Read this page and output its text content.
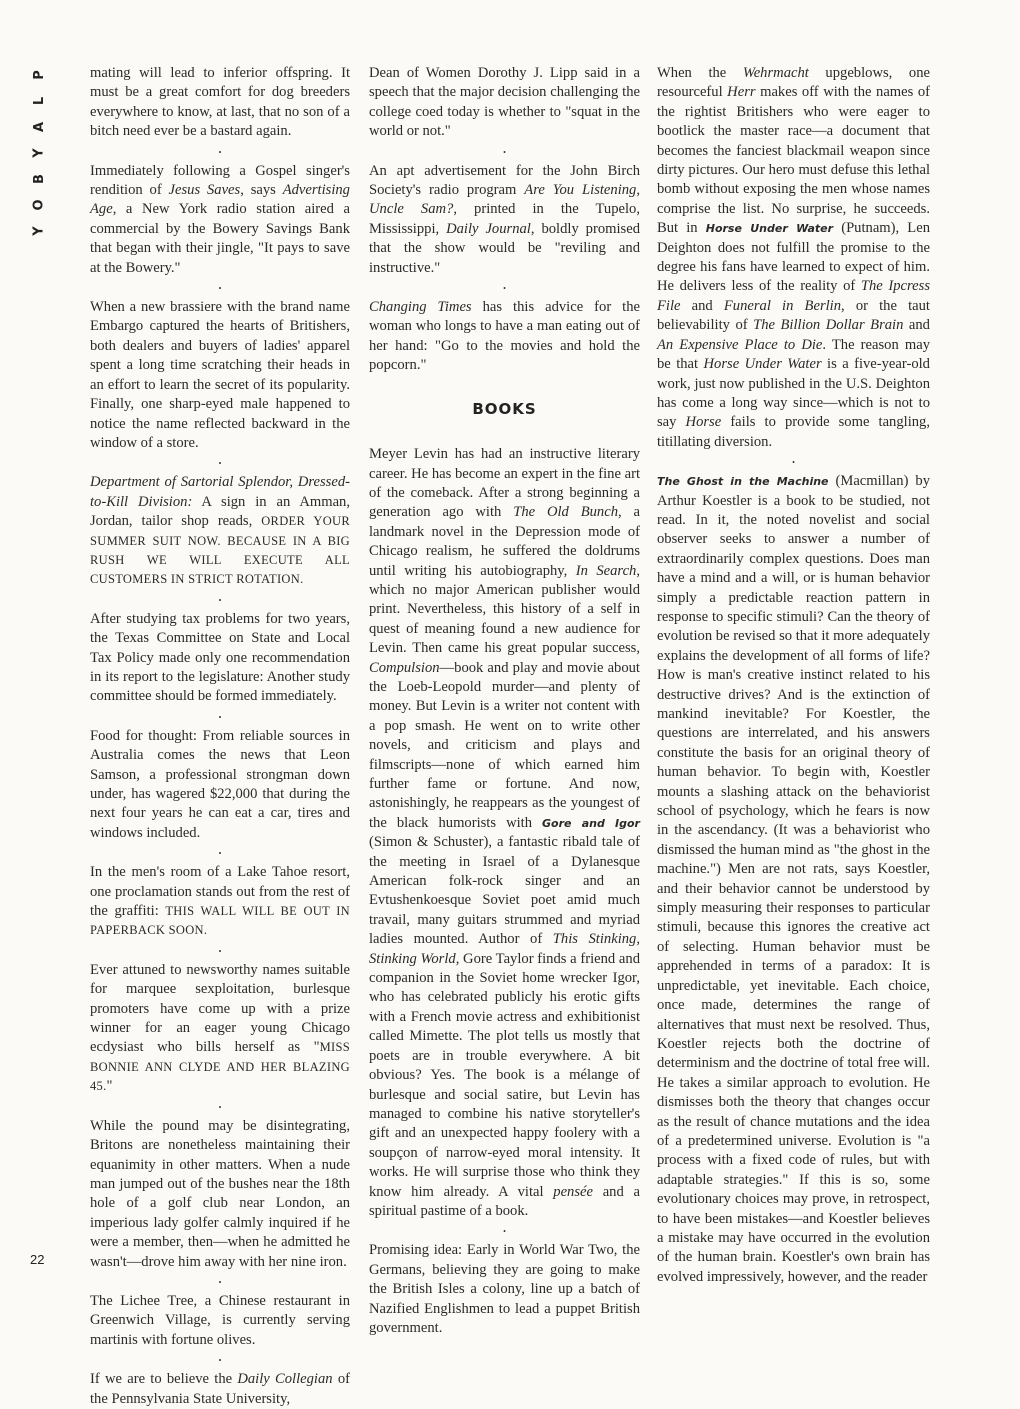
P
L
A
Y
B
O
Y
22

mating will lead to inferior offspring. It must be a great comfort for dog breeders everywhere to know, at last, that no son of a bitch need ever be a bastard again.

•

Immediately following a Gospel singer's rendition of Jesus Saves, says Advertising Age, a New York radio station aired a commercial by the Bowery Savings Bank that began with their jingle, "It pays to save at the Bowery."

•

When a new brassiere with the brand name Embargo captured the hearts of Britishers, both dealers and buyers of ladies' apparel spent a long time scratching their heads in an effort to learn the secret of its popularity. Finally, one sharp-eyed male happened to notice the name reflected backward in the window of a store.

•

Department of Sartorial Splendor, Dressed-to-Kill Division: A sign in an Amman, Jordan, tailor shop reads, ORDER YOUR SUMMER SUIT NOW. BECAUSE IN A BIG RUSH WE WILL EXECUTE ALL CUSTOMERS IN STRICT ROTATION.

•

After studying tax problems for two years, the Texas Committee on State and Local Tax Policy made only one recommendation in its report to the legislature: Another study committee should be formed immediately.

•

Food for thought: From reliable sources in Australia comes the news that Leon Samson, a professional strongman down under, has wagered $22,000 that during the next four years he can eat a car, tires and windows included.

•

In the men's room of a Lake Tahoe resort, one proclamation stands out from the rest of the graffiti: THIS WALL WILL BE OUT IN PAPERBACK SOON.

•

Ever attuned to newsworthy names suitable for marquee sexploitation, burlesque promoters have come up with a prize winner for an eager young Chicago ecdysiast who bills herself as "MISS BONNIE ANN CLYDE AND HER BLAZING 45."

•

While the pound may be disintegrating, Britons are nonetheless maintaining their equanimity in other matters. When a nude man jumped out of the bushes near the 18th hole of a golf club near London, an imperious lady golfer calmly inquired if he were a member, then—when he admitted he wasn't—drove him away with her nine iron.

•

The Lichee Tree, a Chinese restaurant in Greenwich Village, is currently serving martinis with fortune olives.

•

If we are to believe the Daily Collegian of the Pennsylvania State University,

Dean of Women Dorothy J. Lipp said in a speech that the major decision challenging the college coed today is whether to "squat in the world or not."

•

An apt advertisement for the John Birch Society's radio program Are You Listening, Uncle Sam?, printed in the Tupelo, Mississippi, Daily Journal, boldly promised that the show would be "reviling and instructive."

•

Changing Times has this advice for the woman who longs to have a man eating out of her hand: "Go to the movies and hold the popcorn."

BOOKS

Meyer Levin has had an instructive literary career. He has become an expert in the fine art of the comeback. After a strong beginning a generation ago with The Old Bunch, a landmark novel in the Depression mode of Chicago realism, he suffered the doldrums until writing his autobiography, In Search, which no major American publisher would print. Nevertheless, this history of a self in quest of meaning found a new audience for Levin. Then came his great popular success, Compulsion—book and play and movie about the Loeb-Leopold murder—and plenty of money. But Levin is a writer not content with a pop smash. He went on to write other novels, and criticism and plays and filmscripts—none of which earned him further fame or fortune. And now, astonishingly, he reappears as the youngest of the black humorists with Gore and Igor (Simon & Schuster), a fantastic ribald tale of the meeting in Israel of a Dylanesque American folk-rock singer and an Evtushenkoesque Soviet poet amid much travail, many guitars strummed and myriad ladies mounted. Author of This Stinking, Stinking World, Gore Taylor finds a friend and companion in the Soviet home wrecker Igor, who has celebrated publicly his erotic gifts with a French movie actress and exhibitionist called Mimette. The plot tells us mostly that poets are in trouble everywhere. A bit obvious? Yes. The book is a mélange of burlesque and social satire, but Levin has managed to combine his native storyteller's gift and an unexpected happy foolery with a soupçon of narrow-eyed moral intensity. It works. He will surprise those who think they know him already. A vital pensée and a spiritual pastime of a book.

•

Promising idea: Early in World War Two, the Germans, believing they are going to make the British Isles a colony, line up a batch of Nazified Englishmen to lead a puppet British government.

When the Wehrmacht upgeblows, one resourceful Herr makes off with the names of the rightist Britishers who were eager to bootlick the master race—a document that becomes the fanciest blackmail weapon since dirty pictures. Our hero must defuse this lethal bomb without exposing the men whose names comprise the list. No surprise, he succeeds. But in Horse Under Water (Putnam), Len Deighton does not fulfill the promise to the degree his fans have learned to expect of him. He delivers less of the reality of The Ipcress File and Funeral in Berlin, or the taut believability of The Billion Dollar Brain and An Expensive Place to Die. The reason may be that Horse Under Water is a five-year-old work, just now published in the U.S. Deighton has come a long way since—which is not to say Horse fails to provide some tangling, titillating diversion.

•

The Ghost in the Machine (Macmillan) by Arthur Koestler is a book to be studied, not read. In it, the noted novelist and social observer seeks to answer a number of extraordinarily complex questions. Does man have a mind and a will, or is human behavior simply a predictable reaction pattern in response to specific stimuli? Can the theory of evolution be revised so that it more adequately explains the development of all forms of life? How is man's creative instinct related to his destructive drives? And is the extinction of mankind inevitable? For Koestler, the questions are interrelated, and his answers constitute the basis for an original theory of human behavior. To begin with, Koestler mounts a slashing attack on the behaviorist school of psychology, which he fears is now in the ascendancy. (It was a behaviorist who dismissed the human mind as "the ghost in the machine.") Men are not rats, says Koestler, and their behavior cannot be understood by simply measuring their responses to particular stimuli, because this ignores the creative act of selecting. Human behavior must be apprehended in terms of a paradox: It is unpredictable, yet inevitable. Each choice, once made, determines the range of alternatives that must next be resolved. Thus, Koestler rejects both the doctrine of determinism and the doctrine of total free will. He takes a similar approach to evolution. He dismisses both the theory that changes occur as the result of chance mutations and the idea of a predetermined universe. Evolution is "a process with a fixed code of rules, but with adaptable strategies." If this is so, some evolutionary choices may prove, in retrospect, to have been mistakes—and Koestler believes a mistake may have occurred in the evolution of the human brain. Koestler's own brain has evolved impressively, however, and the reader
